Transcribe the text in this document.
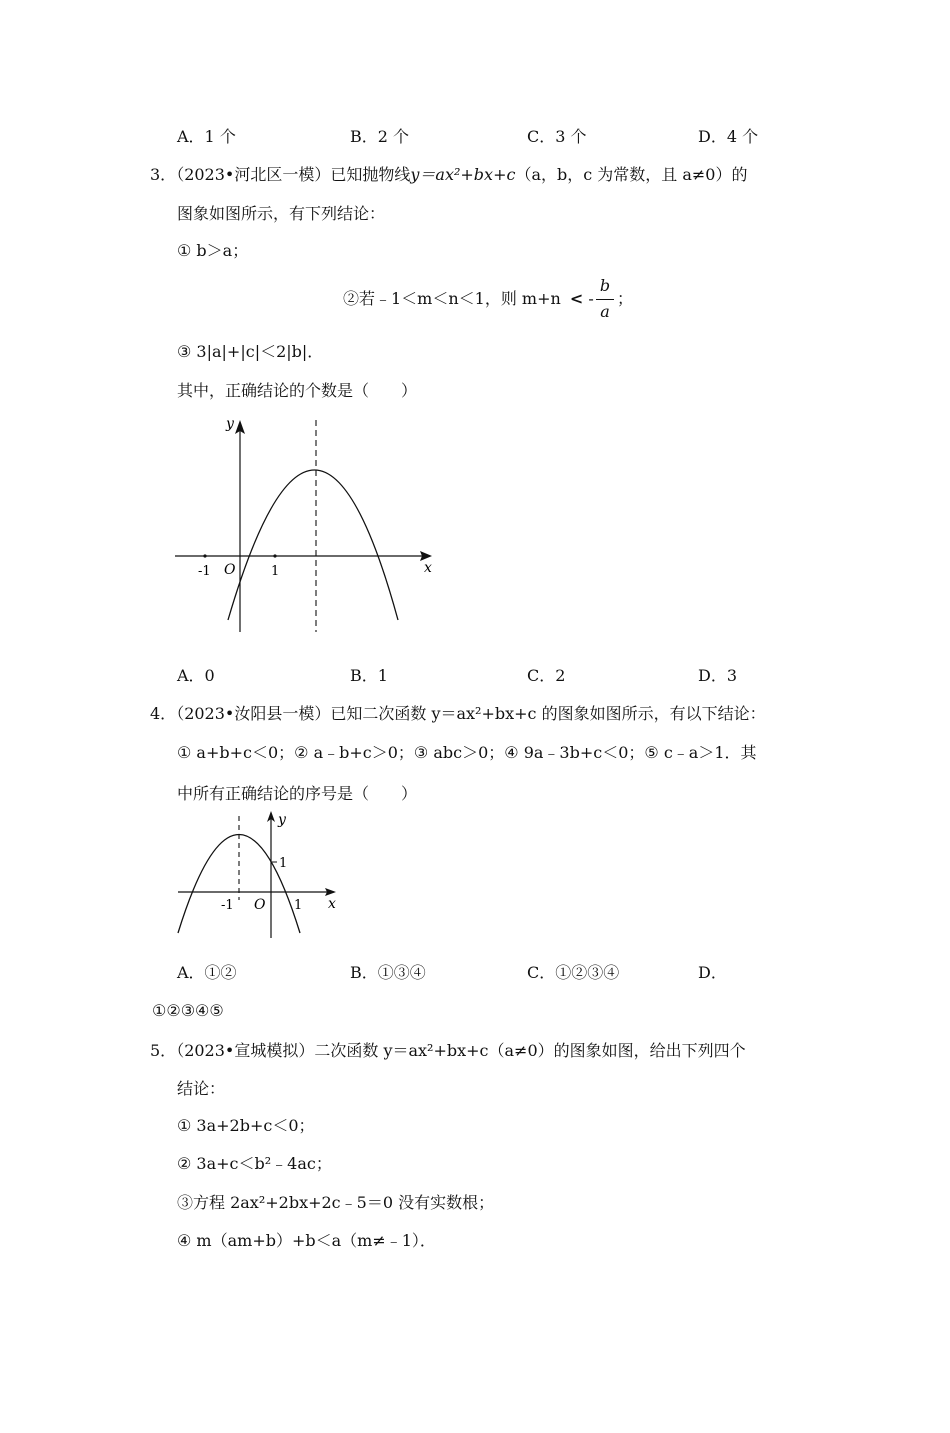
A．1 个	B．2 个	C．3 个	D．4 个
3．（2023•河北区一模）已知抛物线y＝ax²+bx+c（a，b，c 为常数，且 a≠0）的
图象如图所示，有下列结论：
① b＞a；
②若﹣1＜m＜n＜1，则 m+n < -
b
a
；
③ 3|a|+|c|＜2|b|．
其中，正确结论的个数是（　　）
-1	1
O	x
y
A．0	B．1	C．2	D．3
4．（2023•汝阳县一模）已知二次函数 y＝ax²+bx+c 的图象如图所示，有以下结论：
① a+b+c＜0；② a﹣b+c＞0；③ abc＞0；④ 9a﹣3b+c＜0；⑤ c﹣a＞1．其
中所有正确结论的序号是（　　）
1
-1 O 1 x
y
A．①②	B．①③④	C．①②③④	D．
①②③④⑤
5．（2023•宣城模拟）二次函数 y＝ax²+bx+c（a≠0）的图象如图，给出下列四个
结论：
① 3a+2b+c＜0；
② 3a+c＜b²﹣4ac；
③方程 2ax²+2bx+2c﹣5＝0 没有实数根；
④ m（am+b）+b＜a（m≠﹣1）．
